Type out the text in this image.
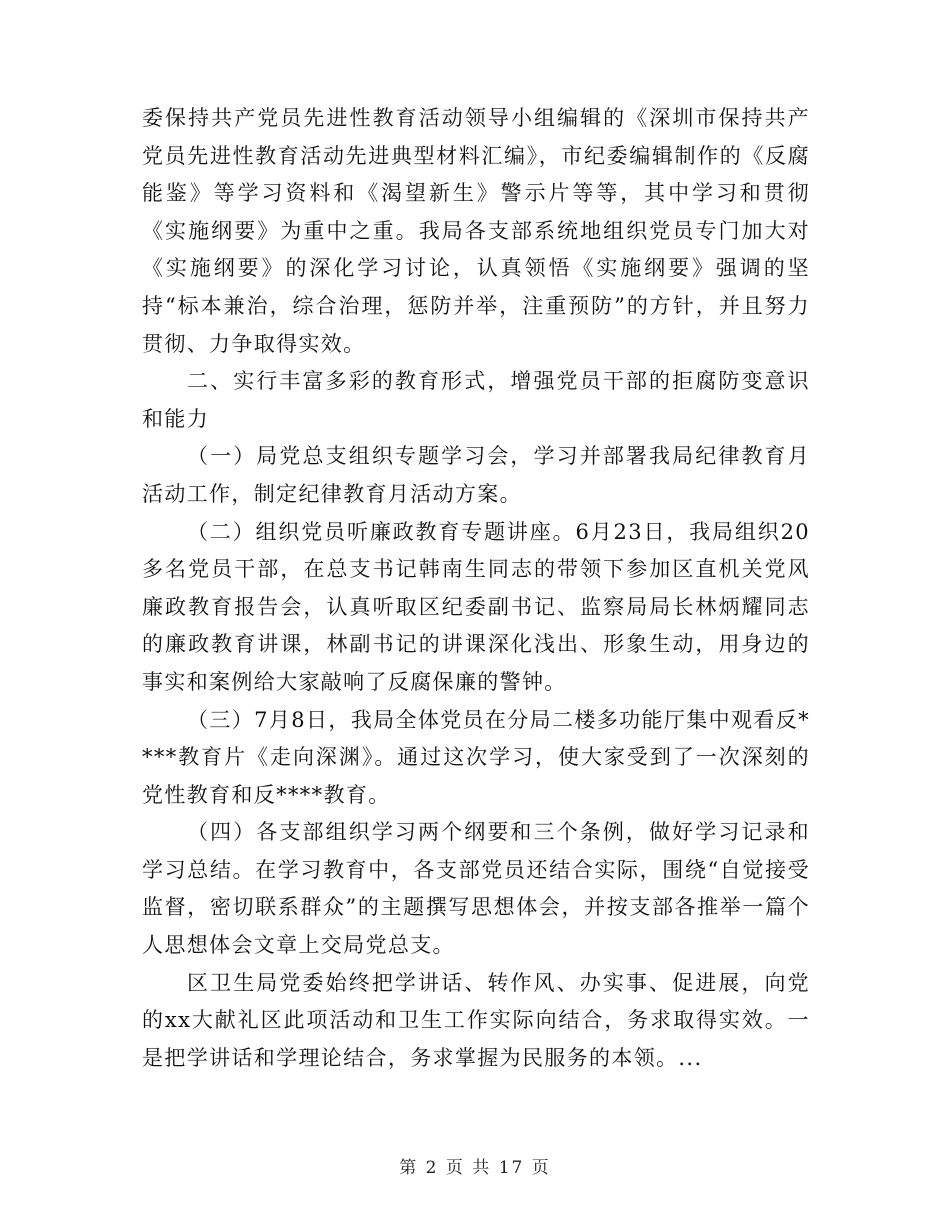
委保持共产党员先进性教育活动领导小组编辑的《深圳市保持共产党员先进性教育活动先进典型材料汇编》，市纪委编辑制作的《反腐能鉴》等学习资料和《渴望新生》警示片等等，其中学习和贯彻《实施纲要》为重中之重。我局各支部系统地组织党员专门加大对《实施纲要》的深化学习讨论，认真领悟《实施纲要》强调的坚持“标本兼治，综合治理，惩防并举，注重预防”的方针，并且努力贯彻、力争取得实效。

二、实行丰富多彩的教育形式，增强党员干部的拒腐防变意识和能力

（一）局党总支组织专题学习会，学习并部署我局纪律教育月活动工作，制定纪律教育月活动方案。

（二）组织党员听廉政教育专题讲座。6月23日，我局组织20多名党员干部，在总支书记韩南生同志的带领下参加区直机关党风廉政教育报告会，认真听取区纪委副书记、监察局局长林炳耀同志的廉政教育讲课，林副书记的讲课深化浅出、形象生动，用身边的事实和案例给大家敲响了反腐保廉的警钟。

（三）7月8日，我局全体党员在分局二楼多功能厅集中观看反****教育片《走向深渊》。通过这次学习，使大家受到了一次深刻的党性教育和反****教育。

（四）各支部组织学习两个纲要和三个条例，做好学习记录和学习总结。在学习教育中，各支部党员还结合实际，围绕“自觉接受监督，密切联系群众”的主题撰写思想体会，并按支部各推举一篇个人思想体会文章上交局党总支。

区卫生局党委始终把学讲话、转作风、办实事、促进展，向党的xx大献礼区此项活动和卫生工作实际向结合，务求取得实效。一是把学讲话和学理论结合，务求掌握为民服务的本领。...

第 2 页 共 17 页
